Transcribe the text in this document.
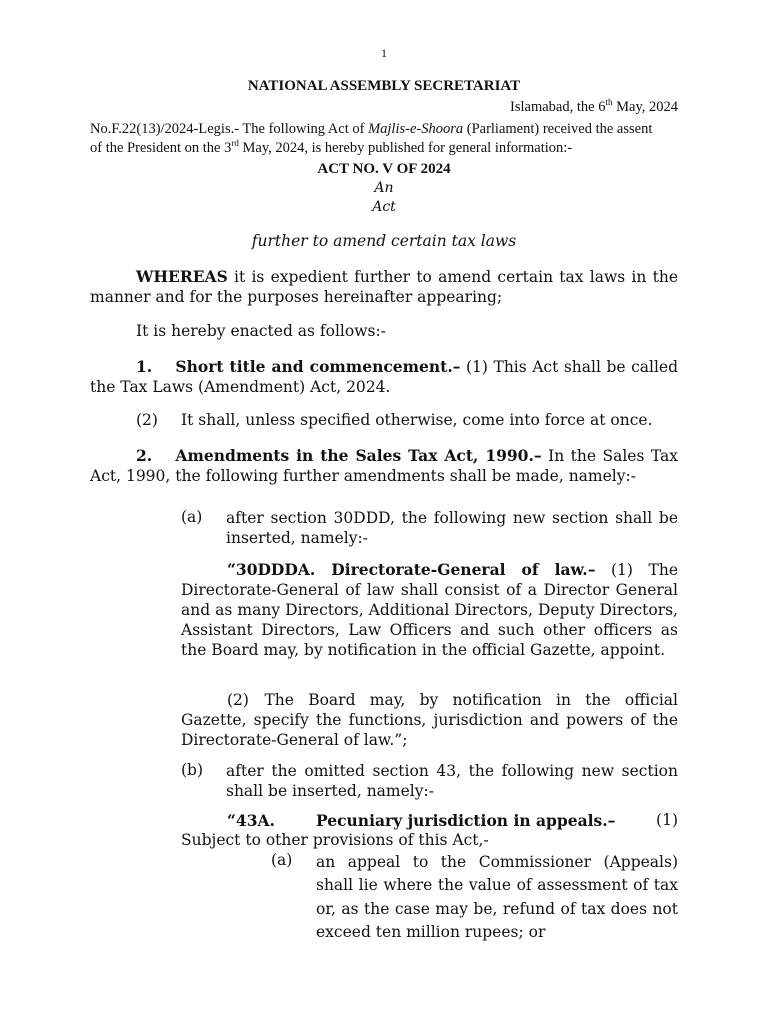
1
NATIONAL ASSEMBLY SECRETARIAT
Islamabad, the 6th May, 2024
No.F.22(13)/2024-Legis.- The following Act of Majlis-e-Shoora (Parliament) received the assent
of the President on the 3rd May, 2024, is hereby published for general information:-
ACT NO. V OF 2024
An
Act
further to amend certain tax laws
WHEREAS it is expedient further to amend certain tax laws in the manner and for the purposes hereinafter appearing;
It is hereby enacted as follows:-
1.  Short title and commencement.– (1) This Act shall be called the Tax Laws (Amendment) Act, 2024.
(2) It shall, unless specified otherwise, come into force at once.
2.  Amendments in the Sales Tax Act, 1990.– In the Sales Tax Act, 1990, the following further amendments shall be made, namely:-
(a) after section 30DDD, the following new section shall be inserted, namely:-
“30DDDA. Directorate-General of law.– (1) The Directorate-General of law shall consist of a Director General and as many Directors, Additional Directors, Deputy Directors, Assistant Directors, Law Officers and such other officers as the Board may, by notification in the official Gazette, appoint.
(2) The Board may, by notification in the official Gazette, specify the functions, jurisdiction and powers of the Directorate-General of law.”;
(b) after the omitted section 43, the following new section shall be inserted, namely:-
“43A.	Pecuniary jurisdiction in appeals.–	(1)
Subject to other provisions of this Act,-
(a) an appeal to the Commissioner (Appeals) shall lie where the value of assessment of tax or, as the case may be, refund of tax does not exceed ten million rupees; or
